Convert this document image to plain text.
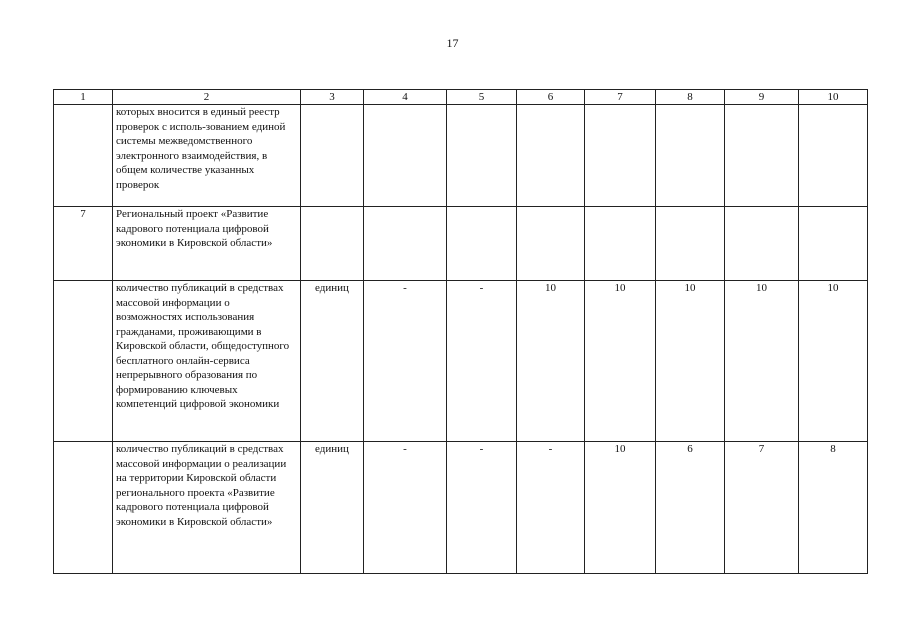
17
1	2	3	4	5	6	7	8	9	10
	которых вносится в единый реестр проверок с исполь-зованием единой системы межведомственного электронного взаимодействия, в общем количестве указанных проверок								
7	Региональный проект «Развитие кадрового потенциала цифровой экономики в Кировской области»								
	количество публикаций в средствах массовой информации о возможностях использования гражданами, проживающими в Кировской области, общедоступного бесплатного онлайн-сервиса непрерывного образования по формированию ключевых компетенций цифровой экономики	единиц	-	-	10	10	10	10	10
	количество публикаций в средствах массовой информации о реализации на территории Кировской области регионального проекта «Развитие кадрового потенциала цифровой экономики в Кировской области»	единиц	-	-	-	10	6	7	8
